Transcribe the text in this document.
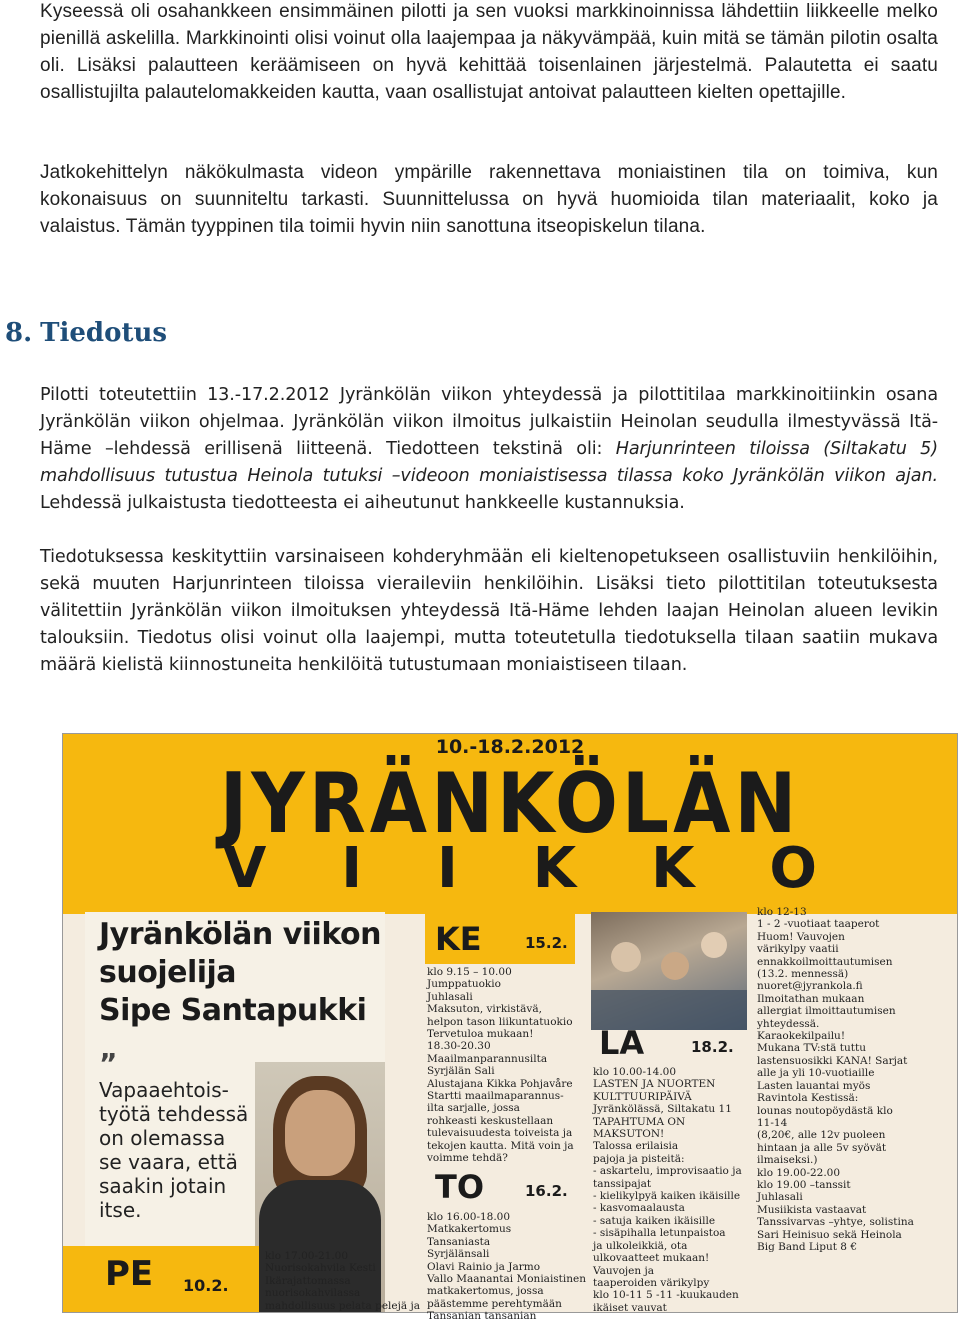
Kyseessä oli osahankkeen ensimmäinen pilotti ja sen vuoksi markkinoinnissa lähdettiin liikkeelle melko pienillä askelilla. Markkinointi olisi voinut olla laajempaa ja näkyvämpää, kuin mitä se tämän pilotin osalta oli. Lisäksi palautteen keräämiseen on hyvä kehittää toisenlainen järjestelmä. Palautetta ei saatu osallistujilta palautelomakkeiden kautta, vaan osallistujat antoivat palautteen kielten opettajille.

Jatkokehittelyn näkökulmasta videon ympärille rakennettava moniaistinen tila on toimiva, kun kokonaisuus on suunniteltu tarkasti. Suunnittelussa on hyvä huomioida tilan materiaalit, koko ja valaistus. Tämän tyyppinen tila toimii hyvin niin sanottuna itseopiskelun tilana.

8. Tiedotus

Pilotti toteutettiin 13.-17.2.2012 Jyränkölän viikon yhteydessä ja pilottitilaa markkinoitiinkin osana Jyränkölän viikon ohjelmaa. Jyränkölän viikon ilmoitus julkaistiin Heinolan seudulla ilmestyvässä Itä-Häme –lehdessä erillisenä liitteenä. Tiedotteen tekstinä oli: Harjunrinteen tiloissa (Siltakatu 5) mahdollisuus tutustua Heinola tutuksi –videoon moniaistisessa tilassa koko Jyränkölän viikon ajan. Lehdessä julkaistusta tiedotteesta ei aiheutunut hankkeelle kustannuksia.

Tiedotuksessa keskityttiin varsinaiseen kohderyhmään eli kieltenopetukseen osallistuviin henkilöihin, sekä muuten Harjunrinteen tiloissa vieraileviin henkilöihin. Lisäksi tieto pilottitilan toteutuksesta välitettiin Jyränkölän viikon ilmoituksen yhteydessä Itä-Häme lehden laajan Heinolan alueen levikin talouksiin. Tiedotus olisi voinut olla laajempi, mutta toteutetulla tiedotuksella tilaan saatiin mukava määrä kielistä kiinnostuneita henkilöitä tutustumaan moniaistiseen tilaan.

10.-18.2.2012
JYRÄNKÖLÄN
V I I K K O
Jyränkölän viikon
suojelija
Sipe Santapukki
” Vapaaehtois-
työtä tehdessä
on olemassa
se vaara, että
saakin jotain
itse.
PE 10.2.
klo 17.00-21.00
Nuorisokahvila Kesti
Ikärajattomassa
nuorisokahvilassa
mahdollisuus pelata pelejä ja
KE	15.2.
klo 9.15 – 10.00
Jumppatuokio
Juhlasali
Maksuton, virkistävä,
helpon tason liikuntatuokio
Tervetuloa mukaan!
18.30-20.30
Maailmanparannusilta
Syrjälän Sali
Alustajana Kikka Pohjavåre
Startti maailmaparannus-
ilta sarjalle, jossa
rohkeasti keskustellaan
tulevaisuudesta toiveista ja
tekojen kautta. Mitä voin ja
voimme tehdä?
TO	16.2.
klo 16.00-18.00
Matkakertomus
Tansaniasta
Syrjälänsali
Olavi Rainio ja Jarmo
Vallo Maanantai Moniaistinen
matkakertomus, jossa
päästemme perehtymään
Tansanian tansanian
LA	18.2.
klo 10.00-14.00
LASTEN JA NUORTEN
KULTTUURIPÄIVÄ
Jyränkölässä, Siltakatu 11
TAPAHTUMA ON
MAKSUTON!
Talossa erilaisia
pajoja ja pisteitä:
- askartelu, improvisaatio ja
tanssipajat
- kielikylpyä kaiken ikäisille
- kasvomaalausta
- satuja kaiken ikäisille
- sisäpihalla letunpaistoa
ja ulkoleikkiä, ota
ulkovaatteet mukaan!
Vauvojen ja
taaperoiden värikylpy
klo 10-11 5 -11 -kuukauden
ikäiset vauvat
klo 12-13
1 - 2 -vuotiaat taaperot
Huom! Vauvojen
värikylpy vaatii
ennakkoilmoittautumisen
(13.2. mennessä)
nuoret@jyrankola.fi
Ilmoitathan mukaan
allergiat ilmoittautumisen
yhteydessä.
Karaokekilpailu!
Mukana TV:stä tuttu
lastensuosikki KANA! Sarjat
alle ja yli 10-vuotiaille
Lasten lauantai myös
Ravintola Kestissä:
lounas noutopöydästä klo
11-14
(8,20€, alle 12v puoleen
hintaan ja alle 5v syövät
ilmaiseksi.)
klo 19.00-22.00
klo 19.00 –tanssit
Juhlasali
Musiikista vastaavat
Tanssivarvas –yhtye, solistina
Sari Heinisuo sekä Heinola
Big Band Liput 8 €
